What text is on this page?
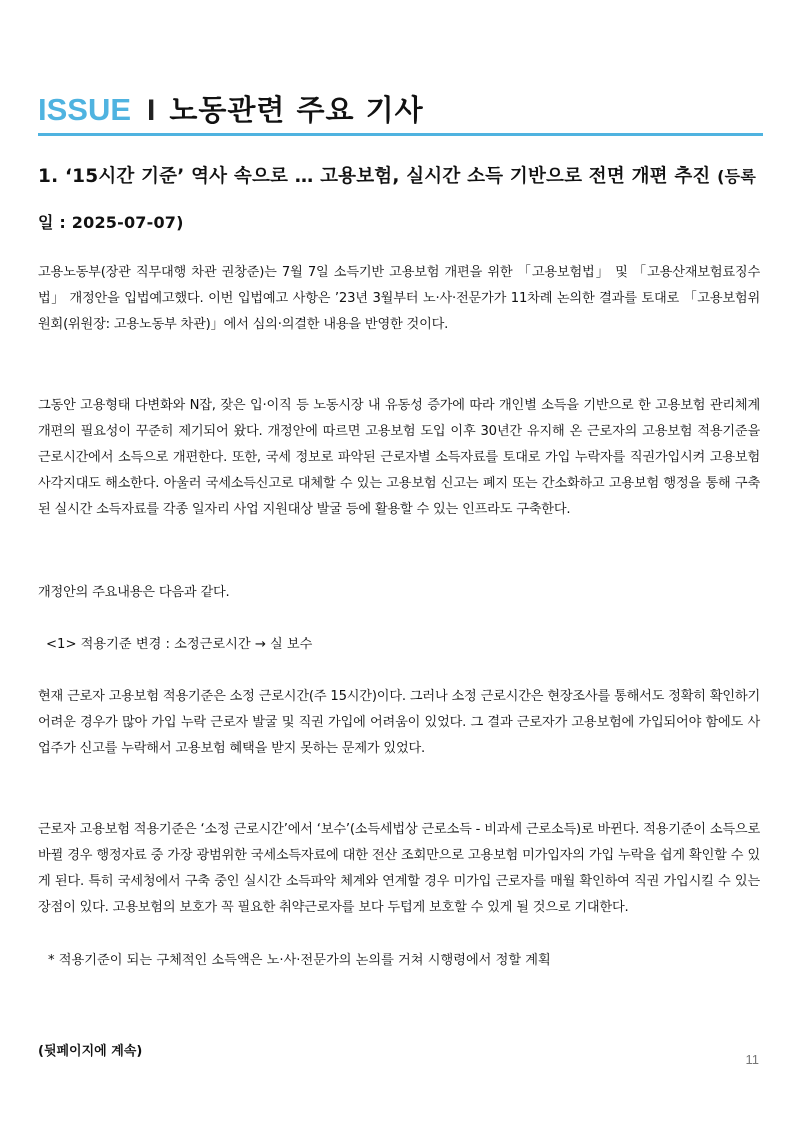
ISSUE I 노동관련 주요 기사
1. ‘15시간 기준’ 역사 속으로 … 고용보험, 실시간 소득 기반으로 전면 개편 추진 (등록일 : 2025-07-07)
고용노동부(장관 직무대행 차관 권창준)는 7월 7일 소득기반 고용보험 개편을 위한 「고용보험법」 및 「고용산재보험료징수법」 개정안을 입법예고했다. 이번 입법예고 사항은 ’23년 3월부터 노·사·전문가가 11차례 논의한 결과를 토대로 「고용보험위원회(위원장: 고용노동부 차관)」에서 심의·의결한 내용을 반영한 것이다.
그동안 고용형태 다변화와 N잡, 잦은 입·이직 등 노동시장 내 유동성 증가에 따라 개인별 소득을 기반으로 한 고용보험 관리체계 개편의 필요성이 꾸준히 제기되어 왔다. 개정안에 따르면 고용보험 도입 이후 30년간 유지해 온 근로자의 고용보험 적용기준을 근로시간에서 소득으로 개편한다. 또한, 국세 정보로 파악된 근로자별 소득자료를 토대로 가입 누락자를 직권가입시켜 고용보험 사각지대도 해소한다. 아울러 국세소득신고로 대체할 수 있는 고용보험 신고는 폐지 또는 간소화하고 고용보험 행정을 통해 구축된 실시간 소득자료를 각종 일자리 사업 지원대상 발굴 등에 활용할 수 있는 인프라도 구축한다.
개정안의 주요내용은 다음과 같다.
<1> 적용기준 변경 : 소정근로시간 → 실 보수
현재 근로자 고용보험 적용기준은 소정 근로시간(주 15시간)이다. 그러나 소정 근로시간은 현장조사를 통해서도 정확히 확인하기 어려운 경우가 많아 가입 누락 근로자 발굴 및 직권 가입에 어려움이 있었다. 그 결과 근로자가 고용보험에 가입되어야 함에도 사업주가 신고를 누락해서 고용보험 혜택을 받지 못하는 문제가 있었다.
근로자 고용보험 적용기준은 ‘소정 근로시간’에서 ‘보수’(소득세법상 근로소득 - 비과세 근로소득)로 바뀐다. 적용기준이 소득으로 바뀔 경우 행정자료 중 가장 광범위한 국세소득자료에 대한 전산 조회만으로 고용보험 미가입자의 가입 누락을 쉽게 확인할 수 있게 된다. 특히 국세청에서 구축 중인 실시간 소득파악 체계와 연계할 경우 미가입 근로자를 매월 확인하여 직권 가입시킬 수 있는 장점이 있다. 고용보험의 보호가 꼭 필요한 취약근로자를 보다 두텁게 보호할 수 있게 될 것으로 기대한다.
* 적용기준이 되는 구체적인 소득액은 노·사·전문가의 논의를 거쳐 시행령에서 정할 계획
(뒷페이지에 계속)
11
